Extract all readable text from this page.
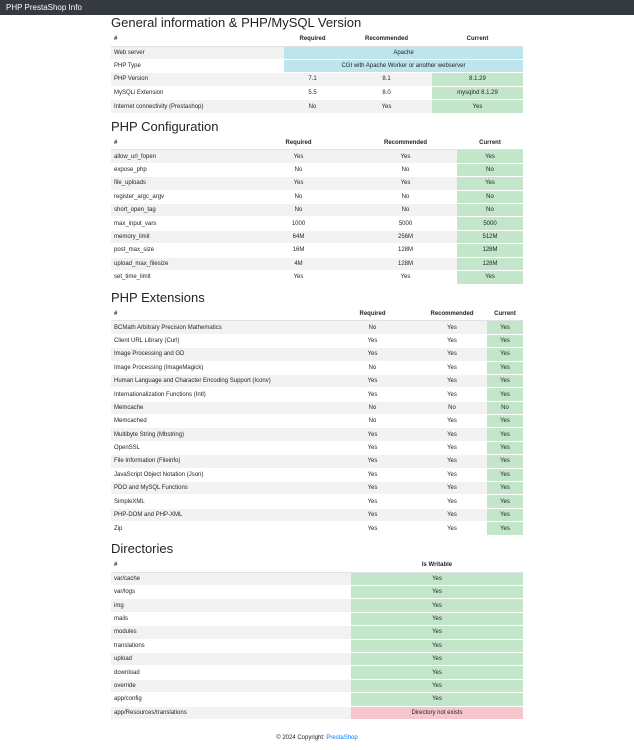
PHP PrestaShop Info
General information & PHP/MySQL Version
#	Required	Recommended	Current
Web server	Apache		
PHP Type	CGI with Apache Worker or another webserver		
PHP Version	7.1	8.1	8.1.29
MySQLi Extension	5.5	8.0	mysqlnd 8.1.29
Internet connectivity (Prestashop)	No	Yes	Yes
PHP Configuration
#	Required	Recommended	Current
allow_url_fopen	Yes	Yes	Yes
expose_php	No	No	No
file_uploads	Yes	Yes	Yes
register_argc_argv	No	No	No
short_open_tag	No	No	No
max_input_vars	1000	5000	5000
memory_limit	64M	256M	512M
post_max_size	16M	128M	128M
upload_max_filesize	4M	128M	128M
set_time_limit	Yes	Yes	Yes
PHP Extensions
#	Required	Recommended	Current
BCMath Arbitrary Precision Mathematics	No	Yes	Yes
Client URL Library (Curl)	Yes	Yes	Yes
Image Processing and GD	Yes	Yes	Yes
Image Processing (ImageMagick)	No	Yes	Yes
Human Language and Character Encoding Support (Iconv)	Yes	Yes	Yes
Internationalization Functions (Intl)	Yes	Yes	Yes
Memcache	No	No	No
Memcached	No	Yes	Yes
Multibyte String (Mbstring)	Yes	Yes	Yes
OpenSSL	Yes	Yes	Yes
File Information (Fileinfo)	Yes	Yes	Yes
JavaScript Object Notation (Json)	Yes	Yes	Yes
PDO and MySQL Functions	Yes	Yes	Yes
SimpleXML	Yes	Yes	Yes
PHP-DOM and PHP-XML	Yes	Yes	Yes
Zip	Yes	Yes	Yes
Directories
#	Is Writable
var/cache	Yes
var/logs	Yes
img	Yes
mails	Yes
modules	Yes
translations	Yes
upload	Yes
download	Yes
override	Yes
app/config	Yes
app/Resources/translations	Directory not exists
© 2024 Copyright: PrestaShop
